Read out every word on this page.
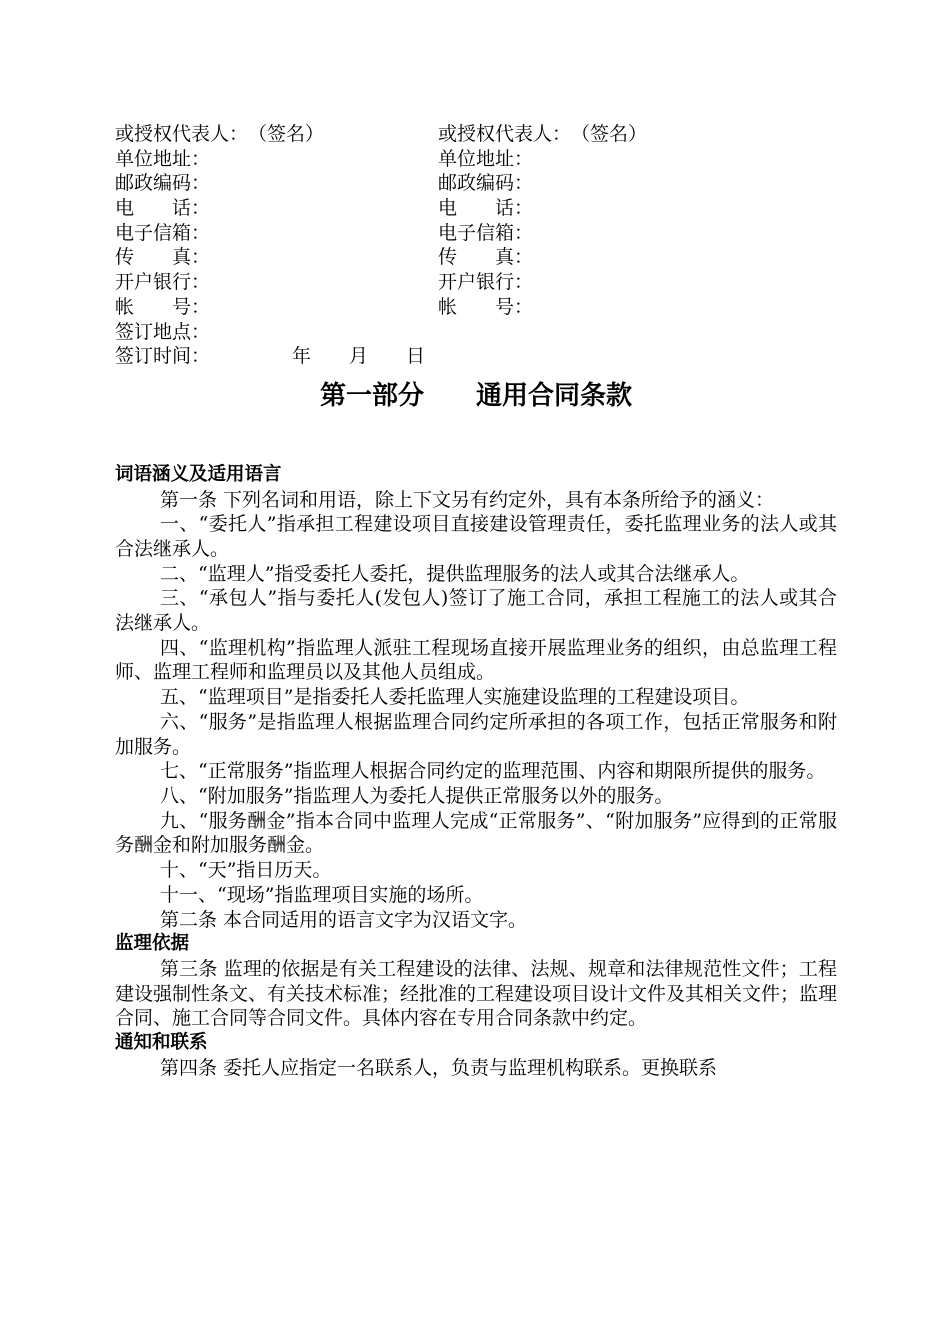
或授权代表人：　（签名）	或授权代表人：　（签名）
单位地址：	单位地址：
邮政编码：	邮政编码：
电　　话：	电　　话：
电子信箱：	电子信箱：
传　　真：	传　　真：
开户银行：	开户银行：
帐　　号：	帐　　号：
签订地点：
签订时间：	年　　月　　日
第一部分　　通用合同条款
词语涵义及适用语言

第一条 下列名词和用语，除上下文另有约定外，具有本条所给予的涵义：

一、“委托人”指承担工程建设项目直接建设管理责任，委托监理业务的法人或其合法继承人。

二、“监理人”指受委托人委托，提供监理服务的法人或其合法继承人。

三、“承包人”指与委托人(发包人)签订了施工合同，承担工程施工的法人或其合法继承人。

四、“监理机构”指监理人派驻工程现场直接开展监理业务的组织，由总监理工程师、监理工程师和监理员以及其他人员组成。

五、“监理项目”是指委托人委托监理人实施建设监理的工程建设项目。

六、“服务”是指监理人根据监理合同约定所承担的各项工作，包括正常服务和附加服务。

七、“正常服务”指监理人根据合同约定的监理范围、内容和期限所提供的服务。

八、“附加服务”指监理人为委托人提供正常服务以外的服务。

九、“服务酬金”指本合同中监理人完成“正常服务”、“附加服务”应得到的正常服务酬金和附加服务酬金。

十、“天”指日历天。

十一、“现场”指监理项目实施的场所。

第二条 本合同适用的语言文字为汉语文字。

监理依据

第三条 监理的依据是有关工程建设的法律、法规、规章和法律规范性文件；工程建设强制性条文、有关技术标准；经批准的工程建设项目设计文件及其相关文件；监理合同、施工合同等合同文件。具体内容在专用合同条款中约定。

通知和联系

第四条 委托人应指定一名联系人，负责与监理机构联系。更换联系
